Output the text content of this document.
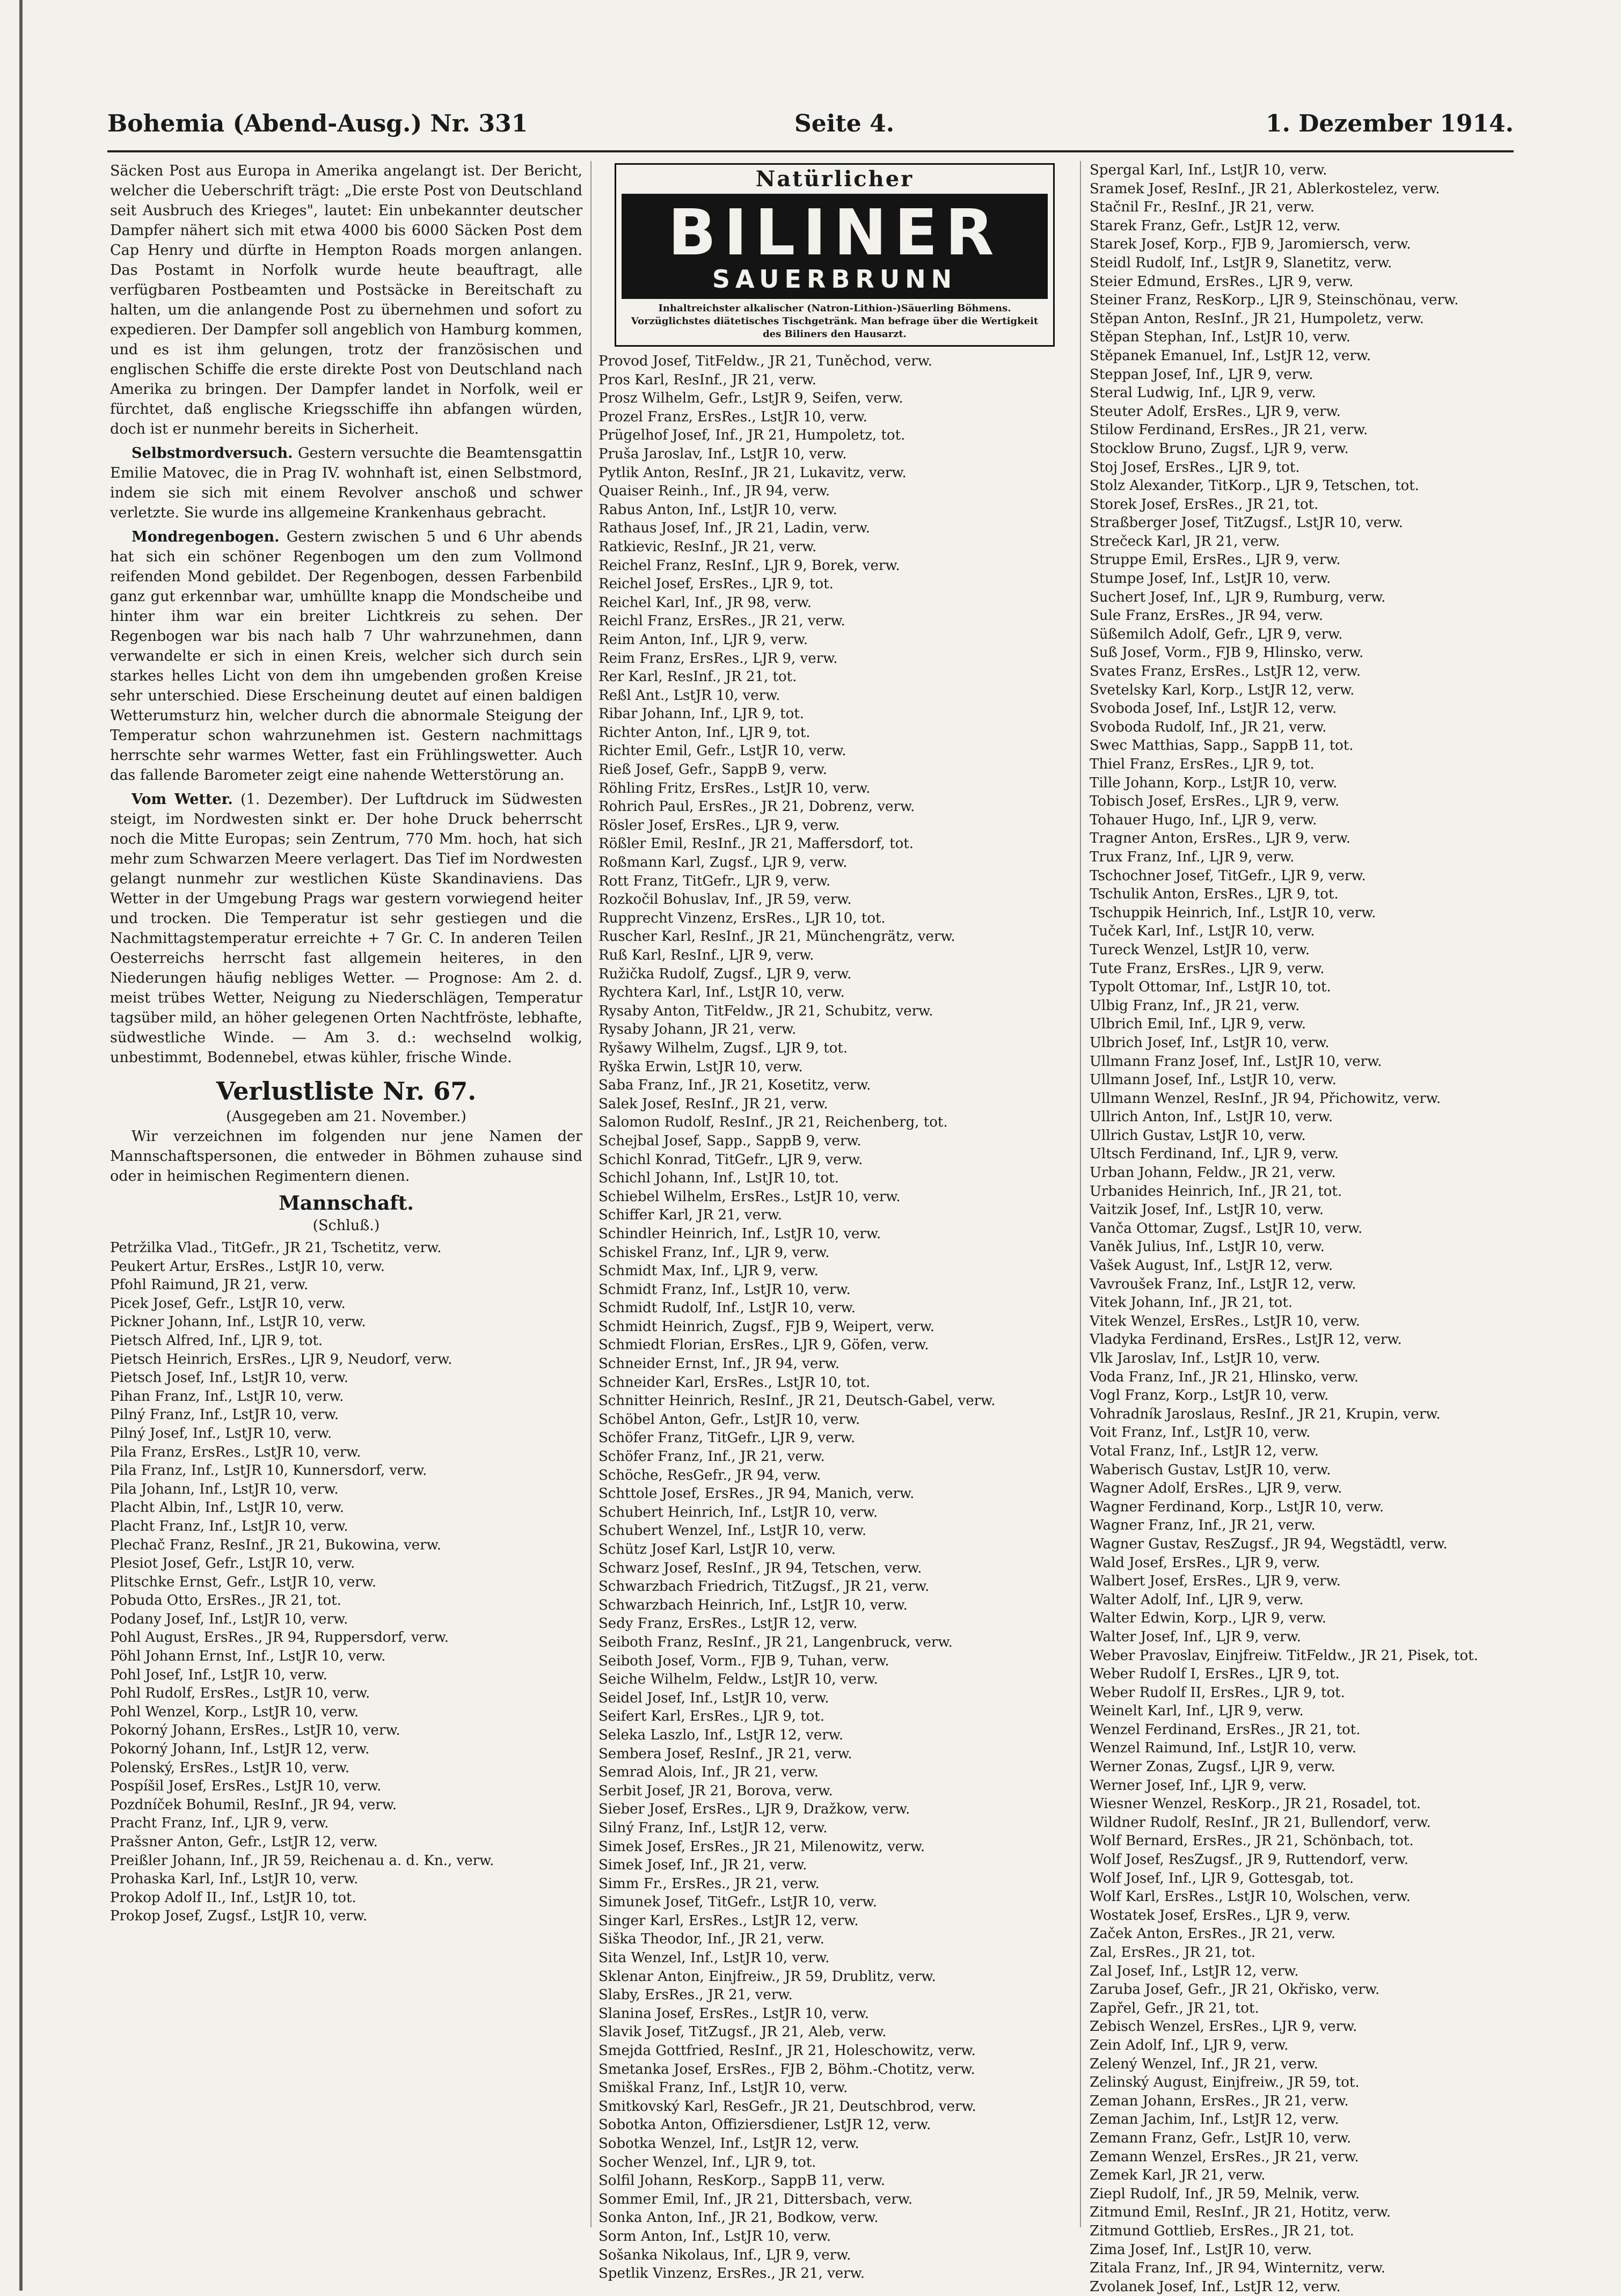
Bohemia (Abend-Ausg.) Nr. 331	Seite 4.	1. Dezember 1914.

Säcken Post aus Europa in Amerika angelangt ist. Der Bericht, welcher die Ueberschrift trägt: „Die erste Post von Deutschland seit Ausbruch des Krieges", lautet: Ein unbekannter deutscher Dampfer nähert sich mit etwa 4000 bis 6000 Säcken Post dem Cap Henry und dürfte in Hempton Roads morgen anlangen. Das Postamt in Norfolk wurde heute beauftragt, alle verfügbaren Postbeamten und Postsäcke in Bereitschaft zu halten, um die anlangende Post zu übernehmen und sofort zu expedieren. Der Dampfer soll angeblich von Hamburg kommen, und es ist ihm gelungen, trotz der französischen und englischen Schiffe die erste direkte Post von Deutschland nach Amerika zu bringen. Der Dampfer landet in Norfolk, weil er fürchtet, daß englische Kriegsschiffe ihn abfangen würden, doch ist er nunmehr bereits in Sicherheit.

Selbstmordversuch. Gestern versuchte die Beamtensgattin Emilie Matovec, die in Prag IV. wohnhaft ist, einen Selbstmord, indem sie sich mit einem Revolver anschoß und schwer verletzte. Sie wurde ins allgemeine Krankenhaus gebracht.

Mondregenbogen. Gestern zwischen 5 und 6 Uhr abends hat sich ein schöner Regenbogen um den zum Vollmond reifenden Mond gebildet. Der Regenbogen, dessen Farbenbild ganz gut erkennbar war, umhüllte knapp die Mondscheibe und hinter ihm war ein breiter Lichtkreis zu sehen. Der Regenbogen war bis nach halb 7 Uhr wahrzunehmen, dann verwandelte er sich in einen Kreis, welcher sich durch sein starkes helles Licht von dem ihn umgebenden großen Kreise sehr unterschied. Diese Erscheinung deutet auf einen baldigen Wetterumsturz hin, welcher durch die abnormale Steigung der Temperatur schon wahrzunehmen ist. Gestern nachmittags herrschte sehr warmes Wetter, fast ein Frühlingswetter. Auch das fallende Barometer zeigt eine nahende Wetterstörung an.

Vom Wetter. (1. Dezember). Der Luftdruck im Südwesten steigt, im Nordwesten sinkt er. Der hohe Druck beherrscht noch die Mitte Europas; sein Zentrum, 770 Mm. hoch, hat sich mehr zum Schwarzen Meere verlagert. Das Tief im Nordwesten gelangt nunmehr zur westlichen Küste Skandinaviens. Das Wetter in der Umgebung Prags war gestern vorwiegend heiter und trocken. Die Temperatur ist sehr gestiegen und die Nachmittagstemperatur erreichte + 7 Gr. C. In anderen Teilen Oesterreichs herrscht fast allgemein heiteres, in den Niederungen häufig nebliges Wetter. — Prognose: Am 2. d. meist trübes Wetter, Neigung zu Niederschlägen, Temperatur tagsüber mild, an höher gelegenen Orten Nachtfröste, lebhafte, südwestliche Winde. — Am 3. d.: wechselnd wolkig, unbestimmt, Bodennebel, etwas kühler, frische Winde.

Verlustliste Nr. 67.
(Ausgegeben am 21. November.)

Wir verzeichnen im folgenden nur jene Namen der Mannschaftspersonen, die entweder in Böhmen zuhause sind oder in heimischen Regimentern dienen.

Mannschaft.
(Schluß.)
Petržilka Vlad., TitGefr., JR 21, Tschetitz, verw.
Peukert Artur, ErsRes., LstJR 10, verw.
Pfohl Raimund, JR 21, verw.
Picek Josef, Gefr., LstJR 10, verw.
Pickner Johann, Inf., LstJR 10, verw.
Pietsch Alfred, Inf., LJR 9, tot.
Pietsch Heinrich, ErsRes., LJR 9, Neudorf, verw.
Pietsch Josef, Inf., LstJR 10, verw.
Pihan Franz, Inf., LstJR 10, verw.
Pilný Franz, Inf., LstJR 10, verw.
Pilný Josef, Inf., LstJR 10, verw.
Pila Franz, ErsRes., LstJR 10, verw.
Pila Franz, Inf., LstJR 10, Kunnersdorf, verw.
Pila Johann, Inf., LstJR 10, verw.
Placht Albin, Inf., LstJR 10, verw.
Placht Franz, Inf., LstJR 10, verw.
Plechač Franz, ResInf., JR 21, Bukowina, verw.
Plesiot Josef, Gefr., LstJR 10, verw.
Plitschke Ernst, Gefr., LstJR 10, verw.
Pobuda Otto, ErsRes., JR 21, tot.
Podany Josef, Inf., LstJR 10, verw.
Pohl August, ErsRes., JR 94, Ruppersdorf, verw.
Pöhl Johann Ernst, Inf., LstJR 10, verw.
Pohl Josef, Inf., LstJR 10, verw.
Pohl Rudolf, ErsRes., LstJR 10, verw.
Pohl Wenzel, Korp., LstJR 10, verw.
Pokorný Johann, ErsRes., LstJR 10, verw.
Pokorný Johann, Inf., LstJR 12, verw.
Polenský, ErsRes., LstJR 10, verw.
Pospíšil Josef, ErsRes., LstJR 10, verw.
Pozdníček Bohumil, ResInf., JR 94, verw.
Pracht Franz, Inf., LJR 9, verw.
Prašsner Anton, Gefr., LstJR 12, verw.
Preißler Johann, Inf., JR 59, Reichenau a. d. Kn., verw.
Prohaska Karl, Inf., LstJR 10, verw.
Prokop Adolf II., Inf., LstJR 10, tot.
Prokop Josef, Zugsf., LstJR 10, verw.
Natürlicher
BILINER
SAUERBRUNN
Inhaltreichster alkalischer (Natron-Lithion-)Säuerling Böhmens. Vorzüglichstes diätetisches Tischgetränk. Man befrage über die Wertigkeit des Biliners den Hausarzt.
Provod Josef, TitFeldw., JR 21, Tuněchod, verw.
Pros Karl, ResInf., JR 21, verw.
Prosz Wilhelm, Gefr., LstJR 9, Seifen, verw.
Prozel Franz, ErsRes., LstJR 10, verw.
Prügelhof Josef, Inf., JR 21, Humpoletz, tot.
Pruša Jaroslav, Inf., LstJR 10, verw.
Pytlik Anton, ResInf., JR 21, Lukavitz, verw.
Quaiser Reinh., Inf., JR 94, verw.
Rabus Anton, Inf., LstJR 10, verw.
Rathaus Josef, Inf., JR 21, Ladin, verw.
Ratkievic, ResInf., JR 21, verw.
Reichel Franz, ResInf., LJR 9, Borek, verw.
Reichel Josef, ErsRes., LJR 9, tot.
Reichel Karl, Inf., JR 98, verw.
Reichl Franz, ErsRes., JR 21, verw.
Reim Anton, Inf., LJR 9, verw.
Reim Franz, ErsRes., LJR 9, verw.
Rer Karl, ResInf., JR 21, tot.
Reßl Ant., LstJR 10, verw.
Ribar Johann, Inf., LJR 9, tot.
Richter Anton, Inf., LJR 9, tot.
Richter Emil, Gefr., LstJR 10, verw.
Rieß Josef, Gefr., SappB 9, verw.
Röhling Fritz, ErsRes., LstJR 10, verw.
Rohrich Paul, ErsRes., JR 21, Dobrenz, verw.
Rösler Josef, ErsRes., LJR 9, verw.
Rößler Emil, ResInf., JR 21, Maffersdorf, tot.
Roßmann Karl, Zugsf., LJR 9, verw.
Rott Franz, TitGefr., LJR 9, verw.
Rozkočil Bohuslav, Inf., JR 59, verw.
Rupprecht Vinzenz, ErsRes., LJR 10, tot.
Ruscher Karl, ResInf., JR 21, Münchengrätz, verw.
Ruß Karl, ResInf., LJR 9, verw.
Ružička Rudolf, Zugsf., LJR 9, verw.
Rychtera Karl, Inf., LstJR 10, verw.
Rysaby Anton, TitFeldw., JR 21, Schubitz, verw.
Rysaby Johann, JR 21, verw.
Ryšawy Wilhelm, Zugsf., LJR 9, tot.
Ryška Erwin, LstJR 10, verw.
Saba Franz, Inf., JR 21, Kosetitz, verw.
Salek Josef, ResInf., JR 21, verw.
Salomon Rudolf, ResInf., JR 21, Reichenberg, tot.
Schejbal Josef, Sapp., SappB 9, verw.
Schichl Konrad, TitGefr., LJR 9, verw.
Schichl Johann, Inf., LstJR 10, tot.
Schiebel Wilhelm, ErsRes., LstJR 10, verw.
Schiffer Karl, JR 21, verw.
Schindler Heinrich, Inf., LstJR 10, verw.
Schiskel Franz, Inf., LJR 9, verw.
Schmidt Max, Inf., LJR 9, verw.
Schmidt Franz, Inf., LstJR 10, verw.
Schmidt Rudolf, Inf., LstJR 10, verw.
Schmidt Heinrich, Zugsf., FJB 9, Weipert, verw.
Schmiedt Florian, ErsRes., LJR 9, Göfen, verw.
Schneider Ernst, Inf., JR 94, verw.
Schneider Karl, ErsRes., LstJR 10, tot.
Schnitter Heinrich, ResInf., JR 21, Deutsch-Gabel, verw.
Schöbel Anton, Gefr., LstJR 10, verw.
Schöfer Franz, TitGefr., LJR 9, verw.
Schöfer Franz, Inf., JR 21, verw.
Schöche, ResGefr., JR 94, verw.
Schttole Josef, ErsRes., JR 94, Manich, verw.
Schubert Heinrich, Inf., LstJR 10, verw.
Schubert Wenzel, Inf., LstJR 10, verw.
Schütz Josef Karl, LstJR 10, verw.
Schwarz Josef, ResInf., JR 94, Tetschen, verw.
Schwarzbach Friedrich, TitZugsf., JR 21, verw.
Schwarzbach Heinrich, Inf., LstJR 10, verw.
Sedy Franz, ErsRes., LstJR 12, verw.
Seiboth Franz, ResInf., JR 21, Langenbruck, verw.
Seiboth Josef, Vorm., FJB 9, Tuhan, verw.
Seiche Wilhelm, Feldw., LstJR 10, verw.
Seidel Josef, Inf., LstJR 10, verw.
Seifert Karl, ErsRes., LJR 9, tot.
Seleka Laszlo, Inf., LstJR 12, verw.
Sembera Josef, ResInf., JR 21, verw.
Semrad Alois, Inf., JR 21, verw.
Serbit Josef, JR 21, Borova, verw.
Sieber Josef, ErsRes., LJR 9, Dražkow, verw.
Silný Franz, Inf., LstJR 12, verw.
Simek Josef, ErsRes., JR 21, Milenowitz, verw.
Simek Josef, Inf., JR 21, verw.
Simm Fr., ErsRes., JR 21, verw.
Simunek Josef, TitGefr., LstJR 10, verw.
Singer Karl, ErsRes., LstJR 12, verw.
Siška Theodor, Inf., JR 21, verw.
Sita Wenzel, Inf., LstJR 10, verw.
Sklenar Anton, Einjfreiw., JR 59, Drublitz, verw.
Slaby, ErsRes., JR 21, verw.
Slanina Josef, ErsRes., LstJR 10, verw.
Slavik Josef, TitZugsf., JR 21, Aleb, verw.
Smejda Gottfried, ResInf., JR 21, Holeschowitz, verw.
Smetanka Josef, ErsRes., FJB 2, Böhm.-Chotitz, verw.
Smiškal Franz, Inf., LstJR 10, verw.
Smitkovský Karl, ResGefr., JR 21, Deutschbrod, verw.
Sobotka Anton, Offiziersdiener, LstJR 12, verw.
Sobotka Wenzel, Inf., LstJR 12, verw.
Socher Wenzel, Inf., LJR 9, tot.
Solfil Johann, ResKorp., SappB 11, verw.
Sommer Emil, Inf., JR 21, Dittersbach, verw.
Sonka Anton, Inf., JR 21, Bodkow, verw.
Sorm Anton, Inf., LstJR 10, verw.
Sošanka Nikolaus, Inf., LJR 9, verw.
Spetlik Vinzenz, ErsRes., JR 21, verw.
Spergal Karl, Inf., LstJR 10, verw.
Sramek Josef, ResInf., JR 21, Ablerkostelez, verw.
Stačnil Fr., ResInf., JR 21, verw.
Starek Franz, Gefr., LstJR 12, verw.
Starek Josef, Korp., FJB 9, Jaromiersch, verw.
Steidl Rudolf, Inf., LstJR 9, Slanetitz, verw.
Steier Edmund, ErsRes., LJR 9, verw.
Steiner Franz, ResKorp., LJR 9, Steinschönau, verw.
Stěpan Anton, ResInf., JR 21, Humpoletz, verw.
Stěpan Stephan, Inf., LstJR 10, verw.
Stěpanek Emanuel, Inf., LstJR 12, verw.
Steppan Josef, Inf., LJR 9, verw.
Steral Ludwig, Inf., LJR 9, verw.
Steuter Adolf, ErsRes., LJR 9, verw.
Stilow Ferdinand, ErsRes., JR 21, verw.
Stocklow Bruno, Zugsf., LJR 9, verw.
Stoj Josef, ErsRes., LJR 9, tot.
Stolz Alexander, TitKorp., LJR 9, Tetschen, tot.
Storek Josef, ErsRes., JR 21, tot.
Straßberger Josef, TitZugsf., LstJR 10, verw.
Strečeck Karl, JR 21, verw.
Struppe Emil, ErsRes., LJR 9, verw.
Stumpe Josef, Inf., LstJR 10, verw.
Suchert Josef, Inf., LJR 9, Rumburg, verw.
Sule Franz, ErsRes., JR 94, verw.
Süßemilch Adolf, Gefr., LJR 9, verw.
Suß Josef, Vorm., FJB 9, Hlinsko, verw.
Svates Franz, ErsRes., LstJR 12, verw.
Svetelsky Karl, Korp., LstJR 12, verw.
Svoboda Josef, Inf., LstJR 12, verw.
Svoboda Rudolf, Inf., JR 21, verw.
Swec Matthias, Sapp., SappB 11, tot.
Thiel Franz, ErsRes., LJR 9, tot.
Tille Johann, Korp., LstJR 10, verw.
Tobisch Josef, ErsRes., LJR 9, verw.
Tohauer Hugo, Inf., LJR 9, verw.
Tragner Anton, ErsRes., LJR 9, verw.
Trux Franz, Inf., LJR 9, verw.
Tschochner Josef, TitGefr., LJR 9, verw.
Tschulik Anton, ErsRes., LJR 9, tot.
Tschuppik Heinrich, Inf., LstJR 10, verw.
Tuček Karl, Inf., LstJR 10, verw.
Tureck Wenzel, LstJR 10, verw.
Tute Franz, ErsRes., LJR 9, verw.
Typolt Ottomar, Inf., LstJR 10, tot.
Ulbig Franz, Inf., JR 21, verw.
Ulbrich Emil, Inf., LJR 9, verw.
Ulbrich Josef, Inf., LstJR 10, verw.
Ullmann Franz Josef, Inf., LstJR 10, verw.
Ullmann Josef, Inf., LstJR 10, verw.
Ullmann Wenzel, ResInf., JR 94, Přichowitz, verw.
Ullrich Anton, Inf., LstJR 10, verw.
Ullrich Gustav, LstJR 10, verw.
Ultsch Ferdinand, Inf., LJR 9, verw.
Urban Johann, Feldw., JR 21, verw.
Urbanides Heinrich, Inf., JR 21, tot.
Vaitzik Josef, Inf., LstJR 10, verw.
Vanča Ottomar, Zugsf., LstJR 10, verw.
Vaněk Julius, Inf., LstJR 10, verw.
Vašek August, Inf., LstJR 12, verw.
Vavroušek Franz, Inf., LstJR 12, verw.
Vitek Johann, Inf., JR 21, tot.
Vitek Wenzel, ErsRes., LstJR 10, verw.
Vladyka Ferdinand, ErsRes., LstJR 12, verw.
Vlk Jaroslav, Inf., LstJR 10, verw.
Voda Franz, Inf., JR 21, Hlinsko, verw.
Vogl Franz, Korp., LstJR 10, verw.
Vohradník Jaroslaus, ResInf., JR 21, Krupin, verw.
Voit Franz, Inf., LstJR 10, verw.
Votal Franz, Inf., LstJR 12, verw.
Waberisch Gustav, LstJR 10, verw.
Wagner Adolf, ErsRes., LJR 9, verw.
Wagner Ferdinand, Korp., LstJR 10, verw.
Wagner Franz, Inf., JR 21, verw.
Wagner Gustav, ResZugsf., JR 94, Wegstädtl, verw.
Wald Josef, ErsRes., LJR 9, verw.
Walbert Josef, ErsRes., LJR 9, verw.
Walter Adolf, Inf., LJR 9, verw.
Walter Edwin, Korp., LJR 9, verw.
Walter Josef, Inf., LJR 9, verw.
Weber Pravoslav, Einjfreiw. TitFeldw., JR 21, Pisek, tot.
Weber Rudolf I, ErsRes., LJR 9, tot.
Weber Rudolf II, ErsRes., LJR 9, tot.
Weinelt Karl, Inf., LJR 9, verw.
Wenzel Ferdinand, ErsRes., JR 21, tot.
Wenzel Raimund, Inf., LstJR 10, verw.
Werner Zonas, Zugsf., LJR 9, verw.
Werner Josef, Inf., LJR 9, verw.
Wiesner Wenzel, ResKorp., JR 21, Rosadel, tot.
Wildner Rudolf, ResInf., JR 21, Bullendorf, verw.
Wolf Bernard, ErsRes., JR 21, Schönbach, tot.
Wolf Josef, ResZugsf., JR 9, Ruttendorf, verw.
Wolf Josef, Inf., LJR 9, Gottesgab, tot.
Wolf Karl, ErsRes., LstJR 10, Wolschen, verw.
Wostatek Josef, ErsRes., LJR 9, verw.
Začek Anton, ErsRes., JR 21, verw.
Zal, ErsRes., JR 21, tot.
Zal Josef, Inf., LstJR 12, verw.
Zaruba Josef, Gefr., JR 21, Okřisko, verw.
Zapřel, Gefr., JR 21, tot.
Zebisch Wenzel, ErsRes., LJR 9, verw.
Zein Adolf, Inf., LJR 9, verw.
Zelený Wenzel, Inf., JR 21, verw.
Zelinský August, Einjfreiw., JR 59, tot.
Zeman Johann, ErsRes., JR 21, verw.
Zeman Jachim, Inf., LstJR 12, verw.
Zemann Franz, Gefr., LstJR 10, verw.
Zemann Wenzel, ErsRes., JR 21, verw.
Zemek Karl, JR 21, verw.
Ziepl Rudolf, Inf., JR 59, Melnik, verw.
Zitmund Emil, ResInf., JR 21, Hotitz, verw.
Zitmund Gottlieb, ErsRes., JR 21, tot.
Zima Josef, Inf., LstJR 10, verw.
Zitala Franz, Inf., JR 94, Winternitz, verw.
Zvolanek Josef, Inf., LstJR 12, verw.
